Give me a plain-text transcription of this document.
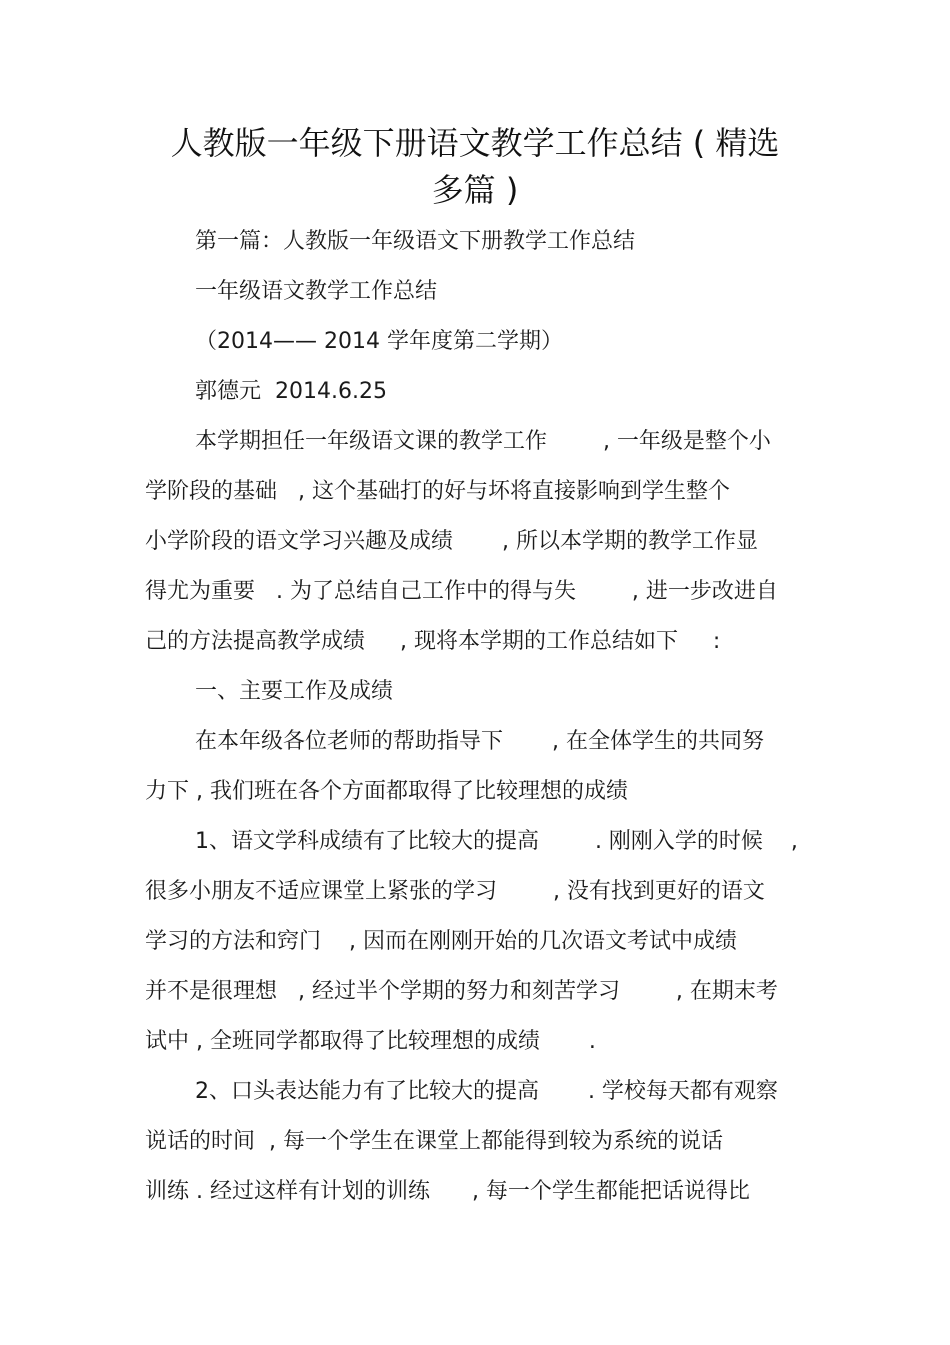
人教版一年级下册语文教学工作总结 ( 精选
多篇 )

第一篇：人教版一年级语文下册教学工作总结

一年级语文教学工作总结

（2014—— 2014 学年度第二学期）

郭德元  2014.6.25

本学期担任一年级语文课的教学工作        , 一年级是整个小

学阶段的基础   , 这个基础打的好与坏将直接影响到学生整个

小学阶段的语文学习兴趣及成绩       , 所以本学期的教学工作显

得尤为重要   . 为了总结自己工作中的得与失        , 进一步改进自

己的方法提高教学成绩     , 现将本学期的工作总结如下     :

一、主要工作及成绩

在本年级各位老师的帮助指导下       , 在全体学生的共同努

力下 , 我们班在各个方面都取得了比较理想的成绩

1、语文学科成绩有了比较大的提高        . 刚刚入学的时候    ,

很多小朋友不适应课堂上紧张的学习        , 没有找到更好的语文

学习的方法和窍门    , 因而在刚刚开始的几次语文考试中成绩

并不是很理想   , 经过半个学期的努力和刻苦学习        , 在期末考

试中 , 全班同学都取得了比较理想的成绩       .

2、口头表达能力有了比较大的提高       . 学校每天都有观察

说话的时间  , 每一个学生在课堂上都能得到较为系统的说话

训练 . 经过这样有计划的训练      , 每一个学生都能把话说得比
